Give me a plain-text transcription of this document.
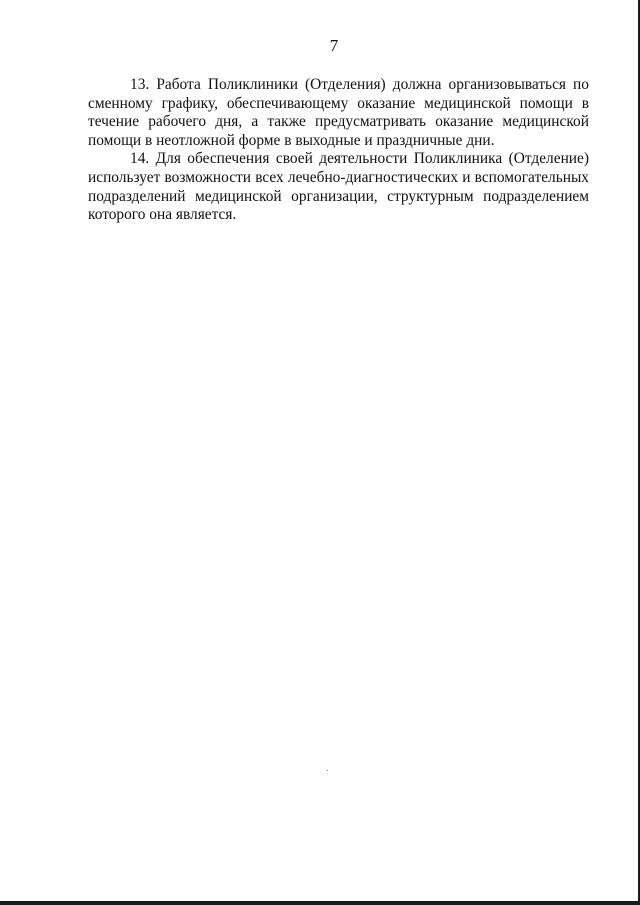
7
13. Работа Поликлиники (Отделения) должна организовываться по
сменному графику, обеспечивающему оказание медицинской помощи в
течение рабочего дня, а также предусматривать оказание медицинской
помощи в неотложной форме в выходные и праздничные дни.
14. Для обеспечения своей деятельности Поликлиника (Отделение)
использует возможности всех лечебно-диагностических и вспомогательных
подразделений медицинской организации, структурным подразделением
которого она является.
